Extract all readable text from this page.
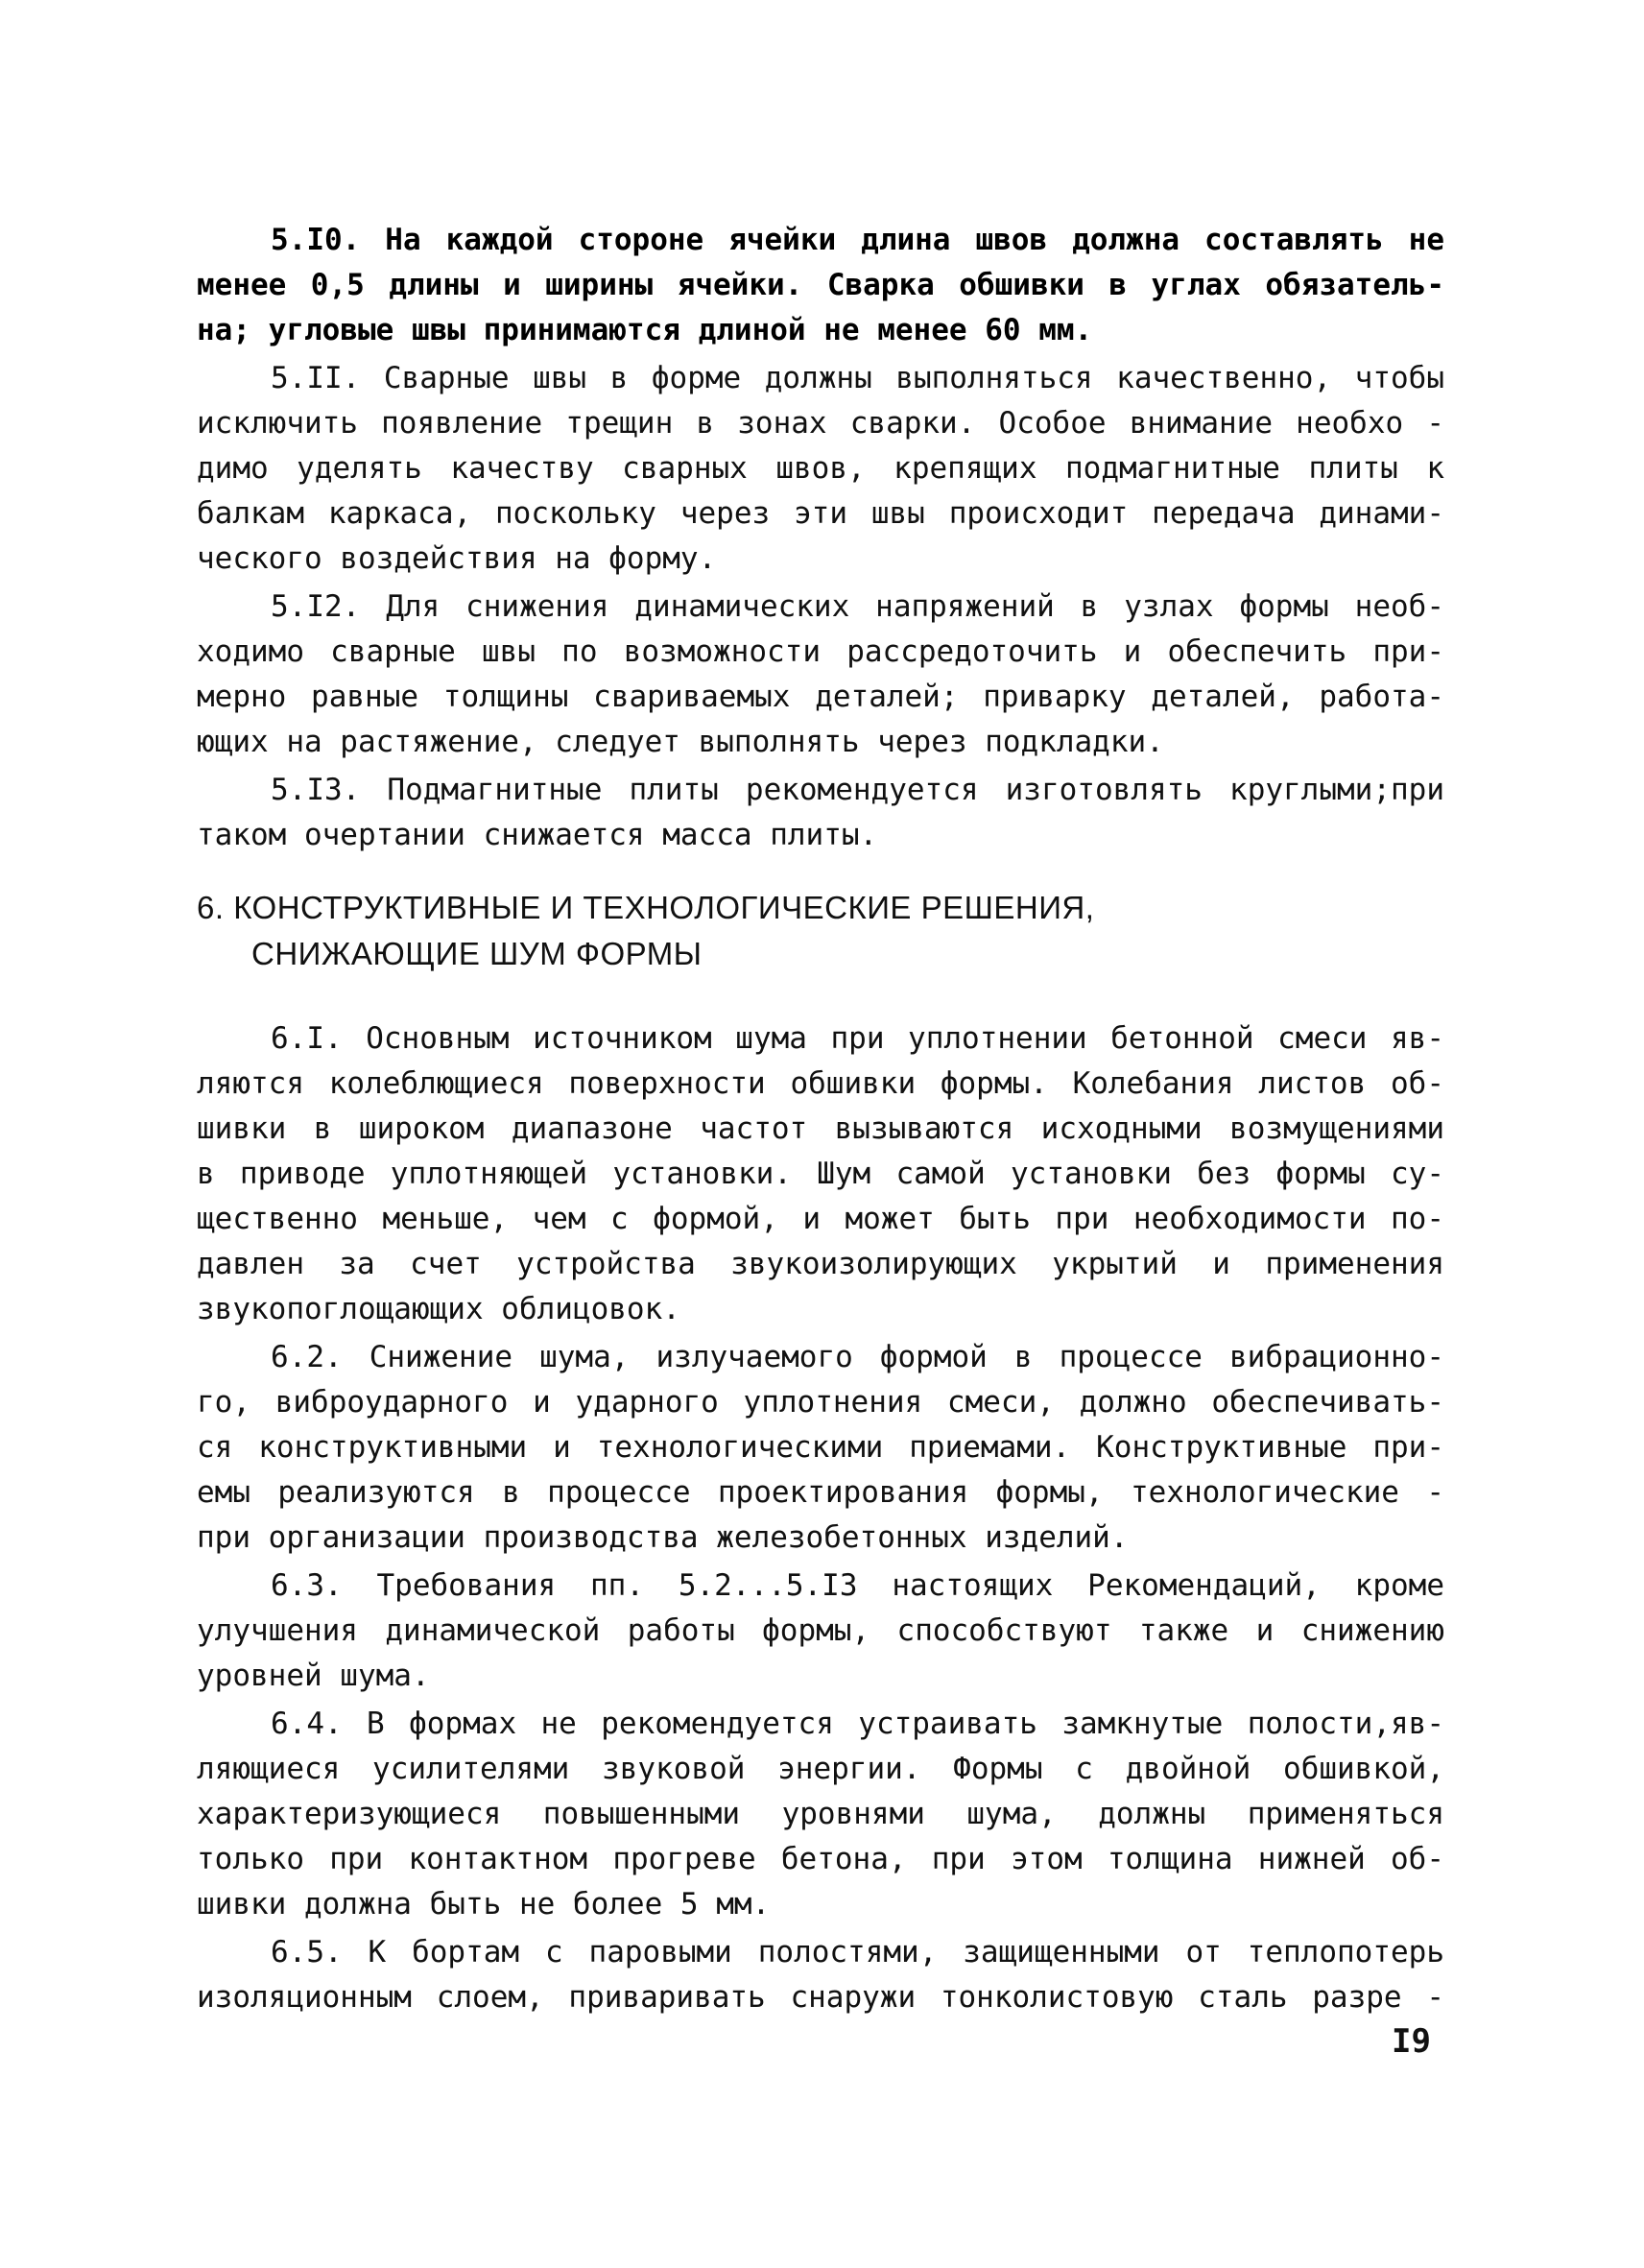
5.I0. На каждой стороне ячейки длина швов должна составлять не
менее 0,5 длины и ширины ячейки. Сварка обшивки в углах обязатель-
на; угловые швы принимаются длиной не менее 60 мм.
5.II. Сварные швы в форме должны выполняться качественно, чтобы
исключить появление трещин в зонах сварки. Особое внимание необхо -
димо уделять качеству сварных швов, крепящих подмагнитные плиты к
балкам каркаса, поскольку через эти швы происходит передача динами-
ческого воздействия на форму.
5.I2. Для снижения динамических напряжений в узлах формы необ-
ходимо сварные швы по возможности рассредоточить и обеспечить при-
мерно равные толщины свариваемых деталей; приварку деталей, работа-
ющих на растяжение, следует выполнять через подкладки.
5.I3. Подмагнитные плиты рекомендуется изготовлять круглыми;при
таком очертании снижается масса плиты.
6. КОНСТРУКТИВНЫЕ И ТЕХНОЛОГИЧЕСКИЕ РЕШЕНИЯ,
СНИЖАЮЩИЕ ШУМ ФОРМЫ
6.I. Основным источником шума при уплотнении бетонной смеси яв-
ляются колеблющиеся поверхности обшивки формы. Колебания листов об-
шивки в широком диапазоне частот вызываются исходными возмущениями
в приводе уплотняющей установки. Шум самой установки без формы су-
щественно меньше, чем с формой, и может быть при необходимости по-
давлен за счет устройства звукоизолирующих укрытий и применения
звукопоглощающих облицовок.
6.2. Снижение шума, излучаемого формой в процессе вибрационно-
го, виброударного и ударного уплотнения смеси, должно обеспечивать-
ся конструктивными и технологическими приемами. Конструктивные при-
емы реализуются в процессе проектирования формы, технологические -
при организации производства железобетонных изделий.
6.3. Требования пп. 5.2...5.I3 настоящих Рекомендаций, кроме
улучшения динамической работы формы, способствуют также и снижению
уровней шума.
6.4. В формах не рекомендуется устраивать замкнутые полости,яв-
ляющиеся усилителями звуковой энергии. Формы с двойной обшивкой,
характеризующиеся повышенными уровнями шума, должны применяться
только при контактном прогреве бетона, при этом толщина нижней об-
шивки должна быть не более 5 мм.
6.5. К бортам с паровыми полостями, защищенными от теплопотерь
изоляционным слоем, приваривать снаружи тонколистовую сталь разре -
I9
